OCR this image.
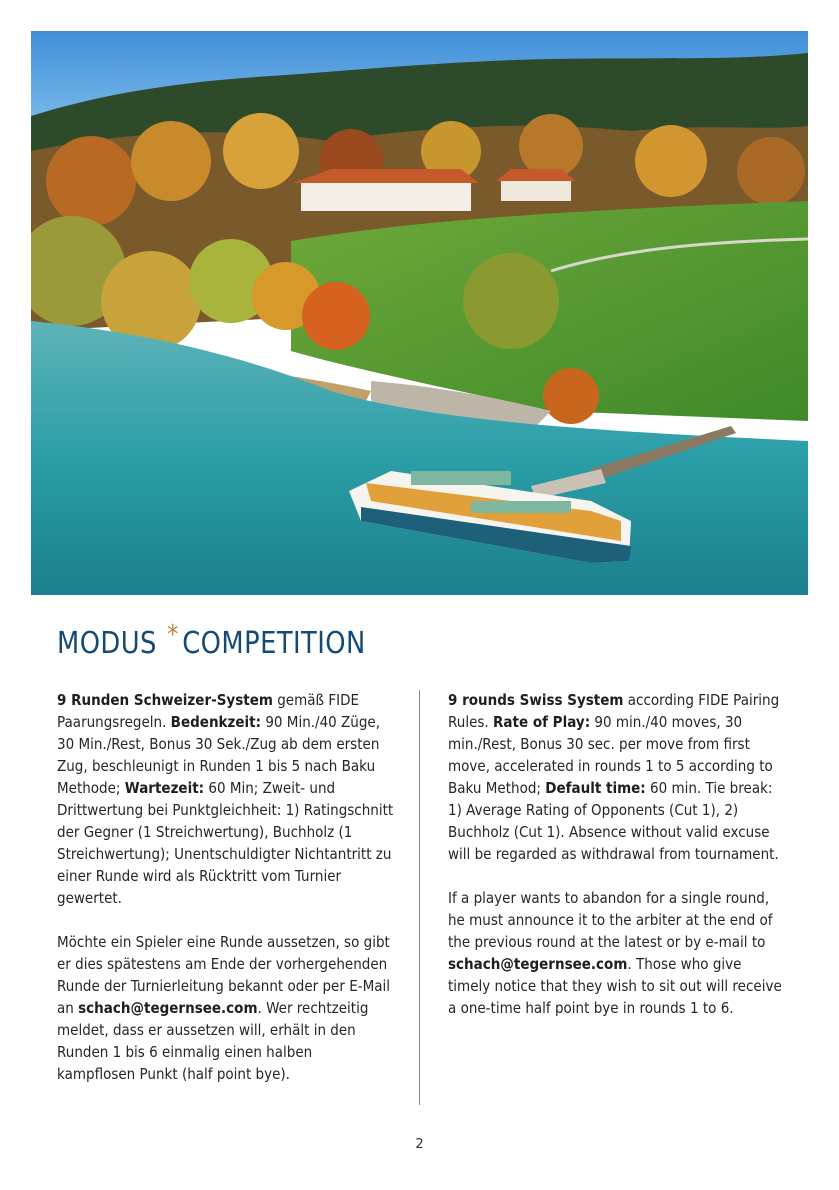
MODUS * COMPETITION

9 Runden Schweizer-System gemäß FIDE Paarungsregeln. Bedenkzeit: 90 Min./40 Züge, 30 Min./Rest, Bonus 30 Sek./Zug ab dem ersten Zug, beschleunigt in Runden 1 bis 5 nach Baku Methode; Wartezeit: 60 Min; Zweit- und Drittwertung bei Punktgleichheit: 1) Ratingschnitt der Gegner (1 Streichwertung), Buchholz (1 Streichwertung); Unentschuldigter Nichtantritt zu einer Runde wird als Rücktritt vom Turnier gewertet.

Möchte ein Spieler eine Runde aussetzen, so gibt er dies spätestens am Ende der vorhergehenden Runde der Turnierleitung bekannt oder per E-Mail an schach@tegernsee.com. Wer rechtzeitig meldet, dass er aussetzen will, erhält in den Runden 1 bis 6 einmalig einen halben kampflosen Punkt (half point bye).

9 rounds Swiss System according FIDE Pairing Rules. Rate of Play: 90 min./40 moves, 30 min./Rest, Bonus 30 sec. per move from first move, accelerated in rounds 1 to 5 according to Baku Method; Default time: 60 min. Tie break: 1) Average Rating of Opponents (Cut 1), 2) Buchholz (Cut 1). Absence without valid excuse will be regarded as withdrawal from tournament.

If a player wants to abandon for a single round, he must announce it to the arbiter at the end of the previous round at the latest or by e-mail to schach@tegernsee.com. Those who give timely notice that they wish to sit out will receive a one-time half point bye in rounds 1 to 6.

2
